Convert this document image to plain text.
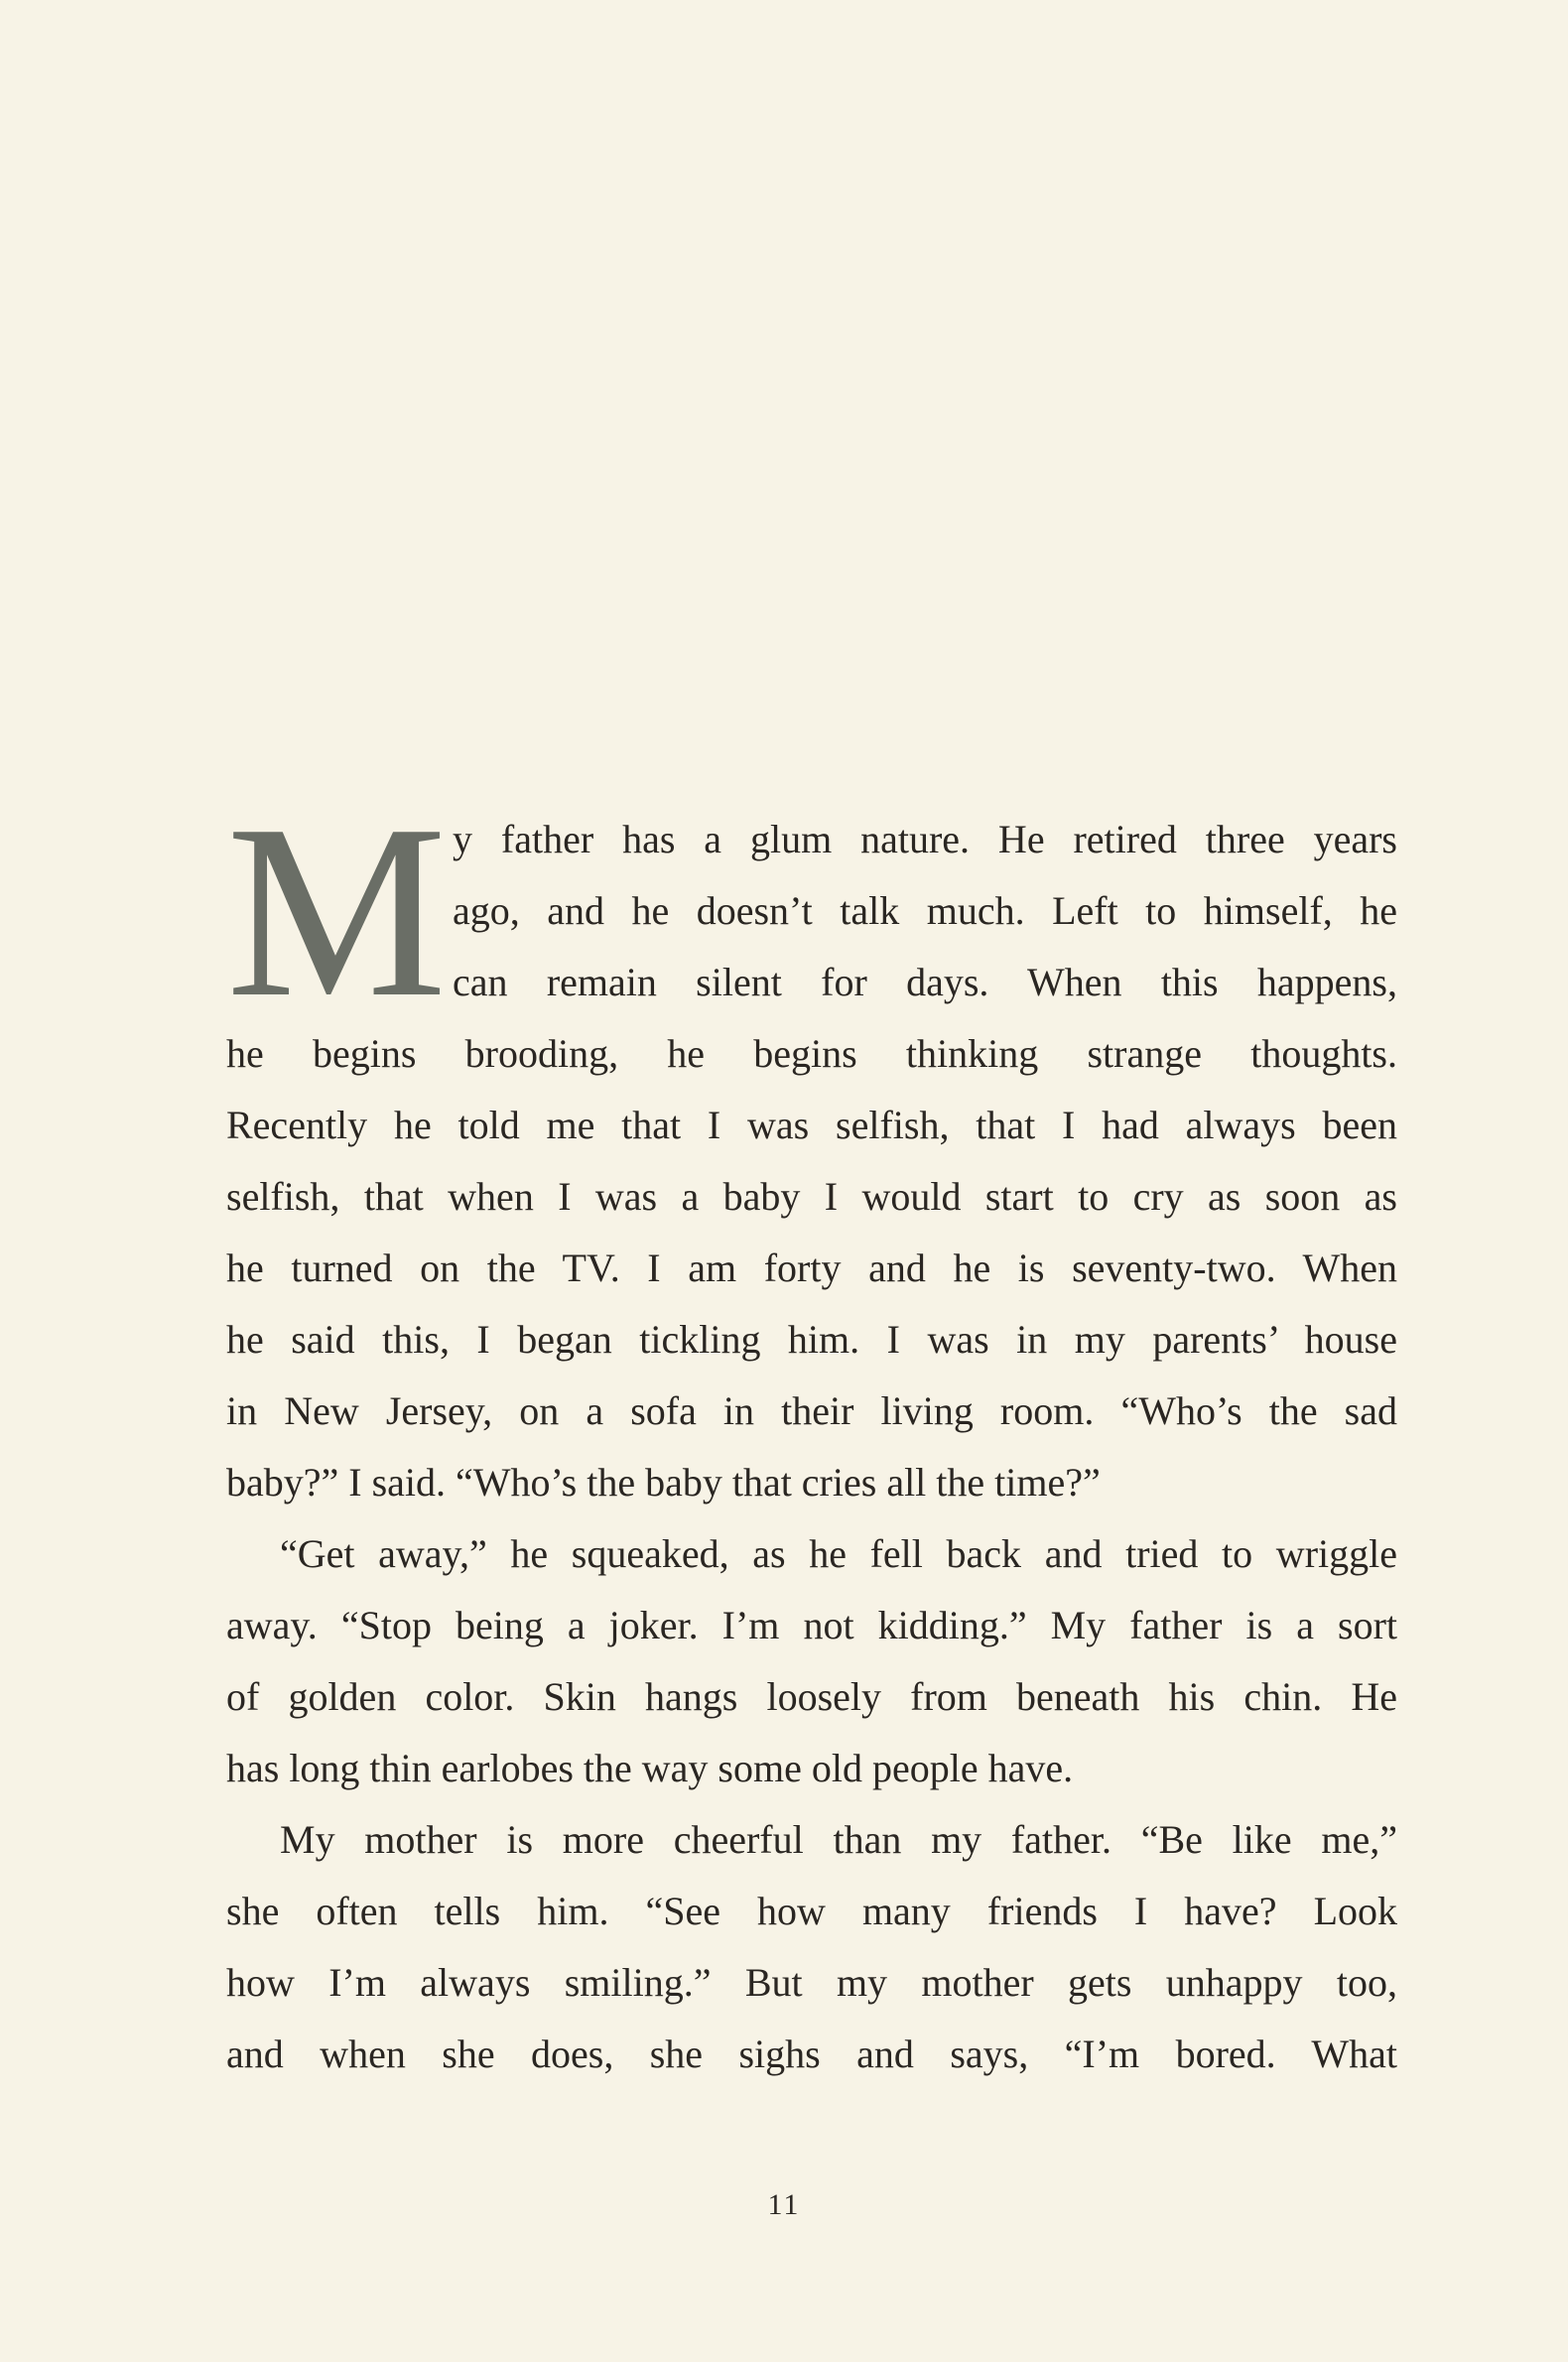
M y father has a glum nature. He retired three years
ago, and he doesn’t talk much. Left to himself, he
can remain silent for days. When this happens,
he begins brooding, he begins thinking strange thoughts.
Recently he told me that I was selfish, that I had always been
selfish, that when I was a baby I would start to cry as soon as
he turned on the TV. I am forty and he is seventy-two. When
he said this, I began tickling him. I was in my parents’ house
in New Jersey, on a sofa in their living room. “Who’s the sad
baby?” I said. “Who’s the baby that cries all the time?”
“Get away,” he squeaked, as he fell back and tried to wriggle
away. “Stop being a joker. I’m not kidding.” My father is a sort
of golden color. Skin hangs loosely from beneath his chin. He
has long thin earlobes the way some old people have.
My mother is more cheerful than my father. “Be like me,”
she often tells him. “See how many friends I have? Look
how I’m always smiling.” But my mother gets unhappy too,
and when she does, she sighs and says, “I’m bored. What
11
